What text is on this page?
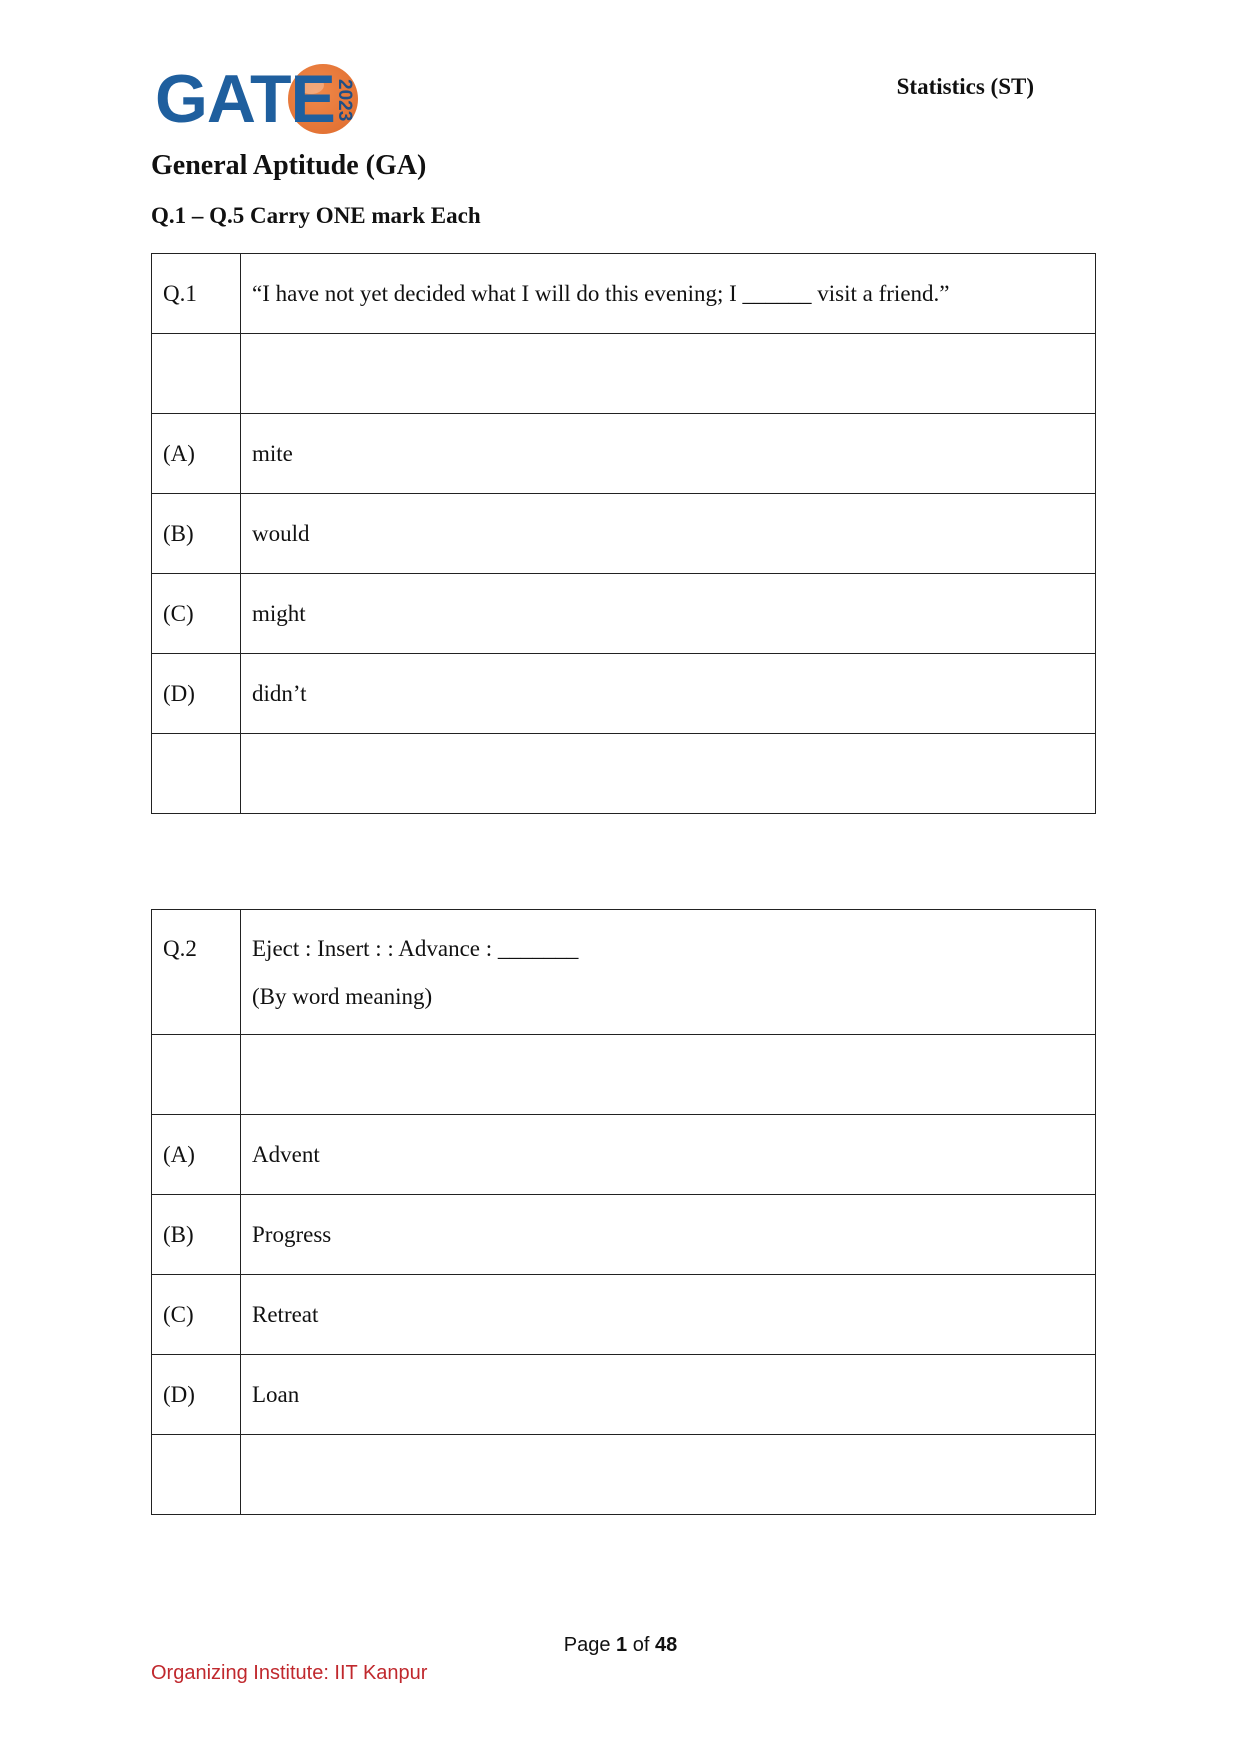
GATE 2023	Statistics (ST)
General Aptitude (GA)
Q.1 – Q.5 Carry ONE mark Each
Q.1	“I have not yet decided what I will do this evening; I ______ visit a friend.”

(A)	mite
(B)	would
(C)	might
(D)	didn’t

Q.2	Eject : Insert : : Advance : _______
(By word meaning)

(A)	Advent
(B)	Progress
(C)	Retreat
(D)	Loan

Page 1 of 48
Organizing Institute: IIT Kanpur
